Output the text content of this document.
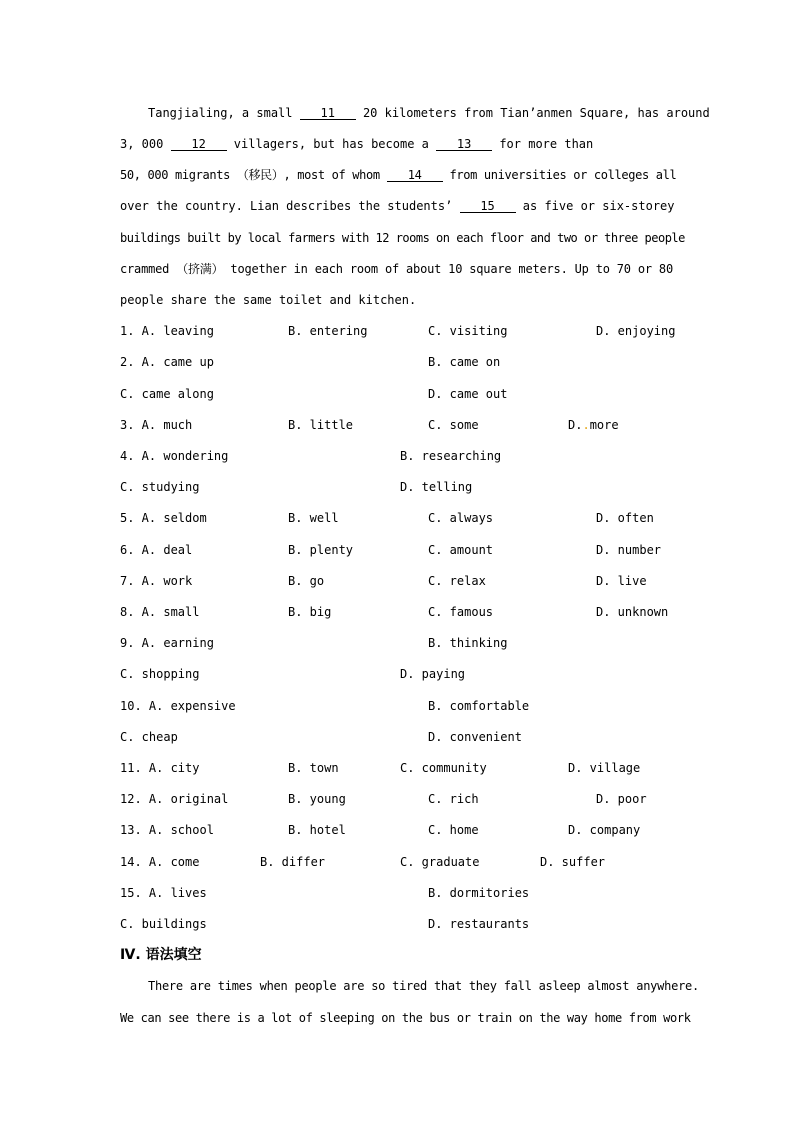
Tangjialing, a small 11 20 kilometers from Tian’anmen Square, has around
3, 000 12 villagers, but has become a 13 for more than
50, 000 migrants （移民）, most of whom 14 from universities or colleges all
over the country. Lian describes the students’ 15 as five or six-storey
buildings built by local farmers with 12 rooms on each floor and two or three people
crammed （挤满） together in each room of about 10 square meters. Up to 70 or 80
people share the same toilet and kitchen.
1. A. leaving	B. entering	C. visiting	D. enjoying
2. A. came up	B. came on
C. came along	D. came out
3. A. much	B. little	C. some	D..more
4. A. wondering	B. researching
C. studying	D. telling
5. A. seldom	B. well	C. always	D. often
6. A. deal	B. plenty	C. amount	D. number
7. A. work	B. go	C. relax	D. live
8. A. small	B. big	C. famous	D. unknown
9. A. earning	B. thinking
C. shopping	D. paying
10. A. expensive	B. comfortable
C. cheap	D. convenient
11. A. city	B. town	C. community	D. village
12. A. original	B. young	C. rich	D. poor
13. A. school	B. hotel	C. home	D. company
14. A. come	B. differ	C. graduate	D. suffer
15. A. lives	B. dormitories
C. buildings	D. restaurants
Ⅳ. 语法填空
There are times when people are so tired that they fall asleep almost anywhere.
We can see there is a lot of sleeping on the bus or train on the way home from work
